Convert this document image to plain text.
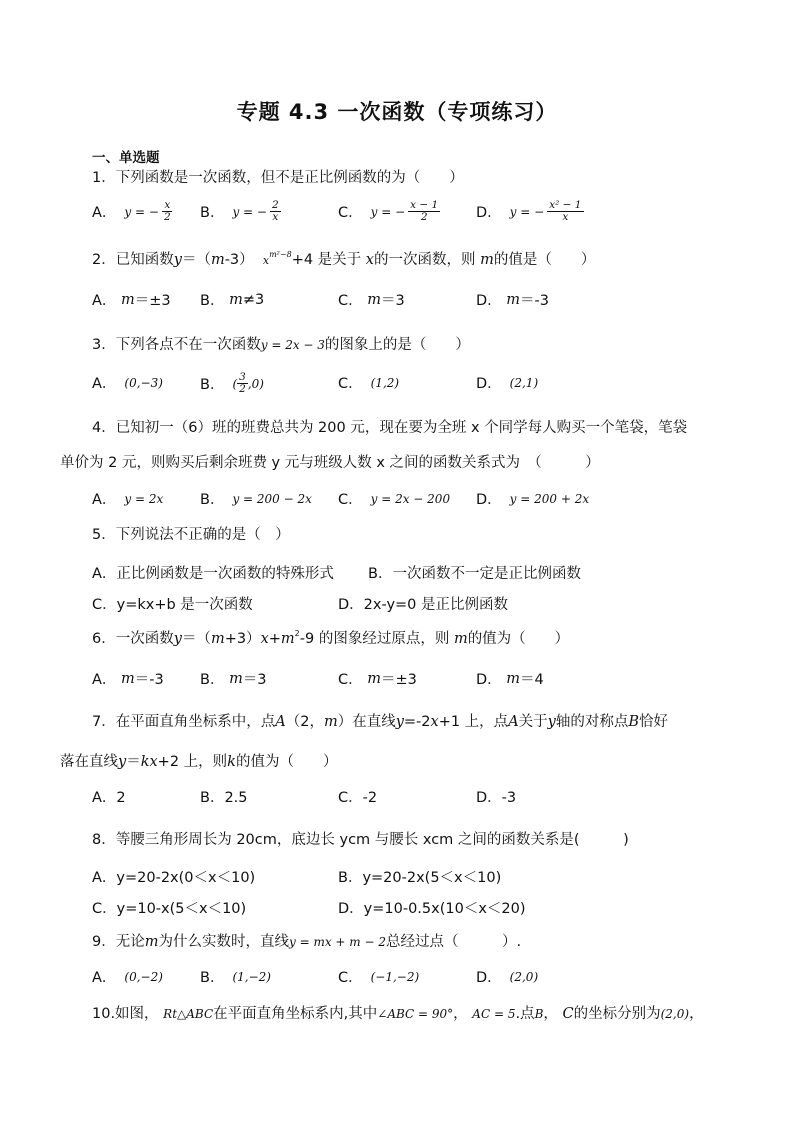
专题 4.3 一次函数（专项练习）
一、单选题
1．下列函数是一次函数，但不是正比例函数的为（　　）
A． y = − $\frac{x}{2}$ B． y = − $\frac{2}{x}$	C． y = − $\frac{x - 1}{2}$ D． y = − $\frac{\text{x² − 1}}{x}$
2．已知函数y＝（m-3） $x^{m^2-8}+4$ 是关于 x的一次函数，则 m的值是（　　）
A．
m ＝±3 B．
m ≠3	C．
m ＝3	D．
m ＝-3
3．下列各点不在一次函数y = 2x − 3的图象上的是（　　）
A． (0,−3)	B． ( $\frac{3}{2} ,0$)	C． (1,2)	D． (2,1)
4．已知初一（6）班的班费总共为 200 元，现在要为全班 x 个同学每人购买一个笔袋，笔袋
单价为 2 元，则购买后剩余班费 y 元与班级人数 x 之间的函数关系式为　（　　　）
A． y = 2x	B． y = 200 − 2x C． y = 2x − 200 D． y = 200 + 2x
5．下列说法不正确的是（　）
A．正比例函数是一次函数的特殊形式 B．一次函数不一定是正比例函数
C．y=kx+b 是一次函数	D．2x-y=0 是正比例函数
6．一次函数$y=(m+3)x+m^2-9$ 的图象经过原点，则 m的值为（　　）
A．
m ＝-3	B．
m ＝3	C．
m ＝±3	D．
m ＝4
7．在平面直角坐标系中，点A（2，m）在直线y=-2x+1 上，点A关于y轴的对称点B恰好
落在直线y＝kx+2 上，则k的值为（　　）
A．2	B．2.5	C．-2	D．-3
8．等腰三角形周长为 20cm，底边长 ycm 与腰长 xcm 之间的函数关系是(　　　)
A．y=20-2x(0＜x＜10)	B．y=20-2x(5＜x＜10)
C．y=10-x(5＜x＜10)	D．y=10-0.5x(10＜x＜20)
9．无论m为什么实数时，直线y = mx + m − 2总经过点（　　　）.
A． (0,−2)	B． (1,−2)	C． (−1,−2)	D． (2,0)
10.如图， Rt△ABC在平面直角坐标系内,其中∠ABC = 90°， AC = 5.点B， C的坐标分别为(2,0)，
